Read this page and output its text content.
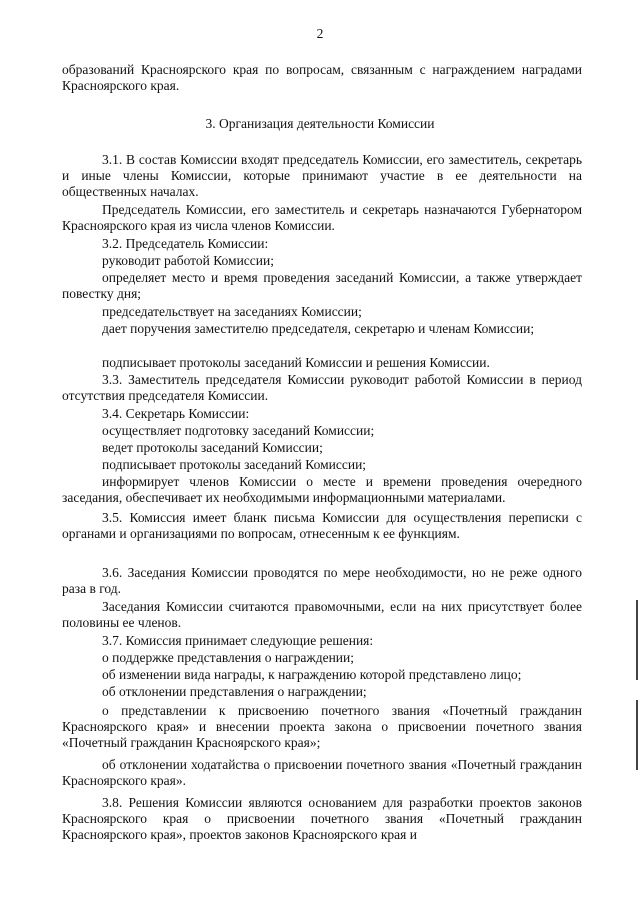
2
образований Красноярского края по вопросам, связанным с награждением наградами Красноярского края.
3. Организация деятельности Комиссии
3.1. В состав Комиссии входят председатель Комиссии, его заместитель, секретарь и иные члены Комиссии, которые принимают участие в ее деятельности на общественных началах.
Председатель Комиссии, его заместитель и секретарь назначаются Губернатором Красноярского края из числа членов Комиссии.
3.2. Председатель Комиссии:
руководит работой Комиссии;
определяет место и время проведения заседаний Комиссии, а также утверждает повестку дня;
председательствует на заседаниях Комиссии;
дает поручения заместителю председателя, секретарю и членам Комиссии;
подписывает протоколы заседаний Комиссии и решения Комиссии.
3.3. Заместитель председателя Комиссии руководит работой Комиссии в период отсутствия председателя Комиссии.
3.4. Секретарь Комиссии:
осуществляет подготовку заседаний Комиссии;
ведет протоколы заседаний Комиссии;
подписывает протоколы заседаний Комиссии;
информирует членов Комиссии о месте и времени проведения очередного заседания, обеспечивает их необходимыми информационными материалами.
3.5. Комиссия имеет бланк письма Комиссии для осуществления переписки с органами и организациями по вопросам, отнесенным к ее функциям.
3.6. Заседания Комиссии проводятся по мере необходимости, но не реже одного раза в год.
Заседания Комиссии считаются правомочными, если на них присутствует более половины ее членов.
3.7. Комиссия принимает следующие решения:
о поддержке представления о награждении;
об изменении вида награды, к награждению которой представлено лицо;
об отклонении представления о награждении;
о представлении к присвоению почетного звания «Почетный гражданин Красноярского края» и внесении проекта закона о присвоении почетного звания «Почетный гражданин Красноярского края»;
об отклонении ходатайства о присвоении почетного звания «Почетный гражданин Красноярского края».
3.8. Решения Комиссии являются основанием для разработки проектов законов Красноярского края о присвоении почетного звания «Почетный гражданин Красноярского края», проектов законов Красноярского края и
